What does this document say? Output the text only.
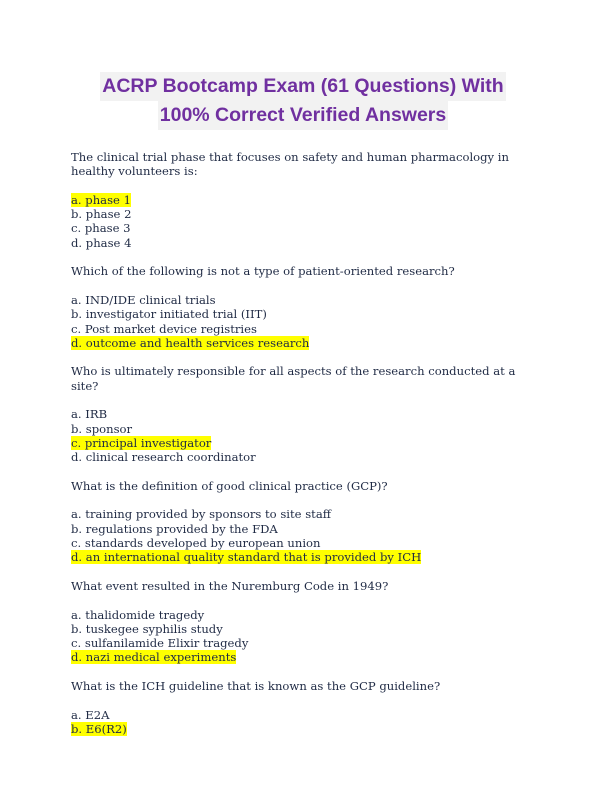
ACRP Bootcamp Exam (61 Questions) With
100% Correct Verified Answers
The clinical trial phase that focuses on safety and human pharmacology in healthy volunteers is:
a. phase 1
b. phase 2
c. phase 3
d. phase 4
Which of the following is not a type of patient-oriented research?
a. IND/IDE clinical trials
b. investigator initiated trial (IIT)
c. Post market device registries
d. outcome and health services research
Who is ultimately responsible for all aspects of the research conducted at a site?
a. IRB
b. sponsor
c. principal investigator
d. clinical research coordinator
What is the definition of good clinical practice (GCP)?
a. training provided by sponsors to site staff
b. regulations provided by the FDA
c. standards developed by european union
d. an international quality standard that is provided by ICH
What event resulted in the Nuremburg Code in 1949?
a. thalidomide tragedy
b. tuskegee syphilis study
c. sulfanilamide Elixir tragedy
d. nazi medical experiments
What is the ICH guideline that is known as the GCP guideline?
a. E2A
b. E6(R2)
